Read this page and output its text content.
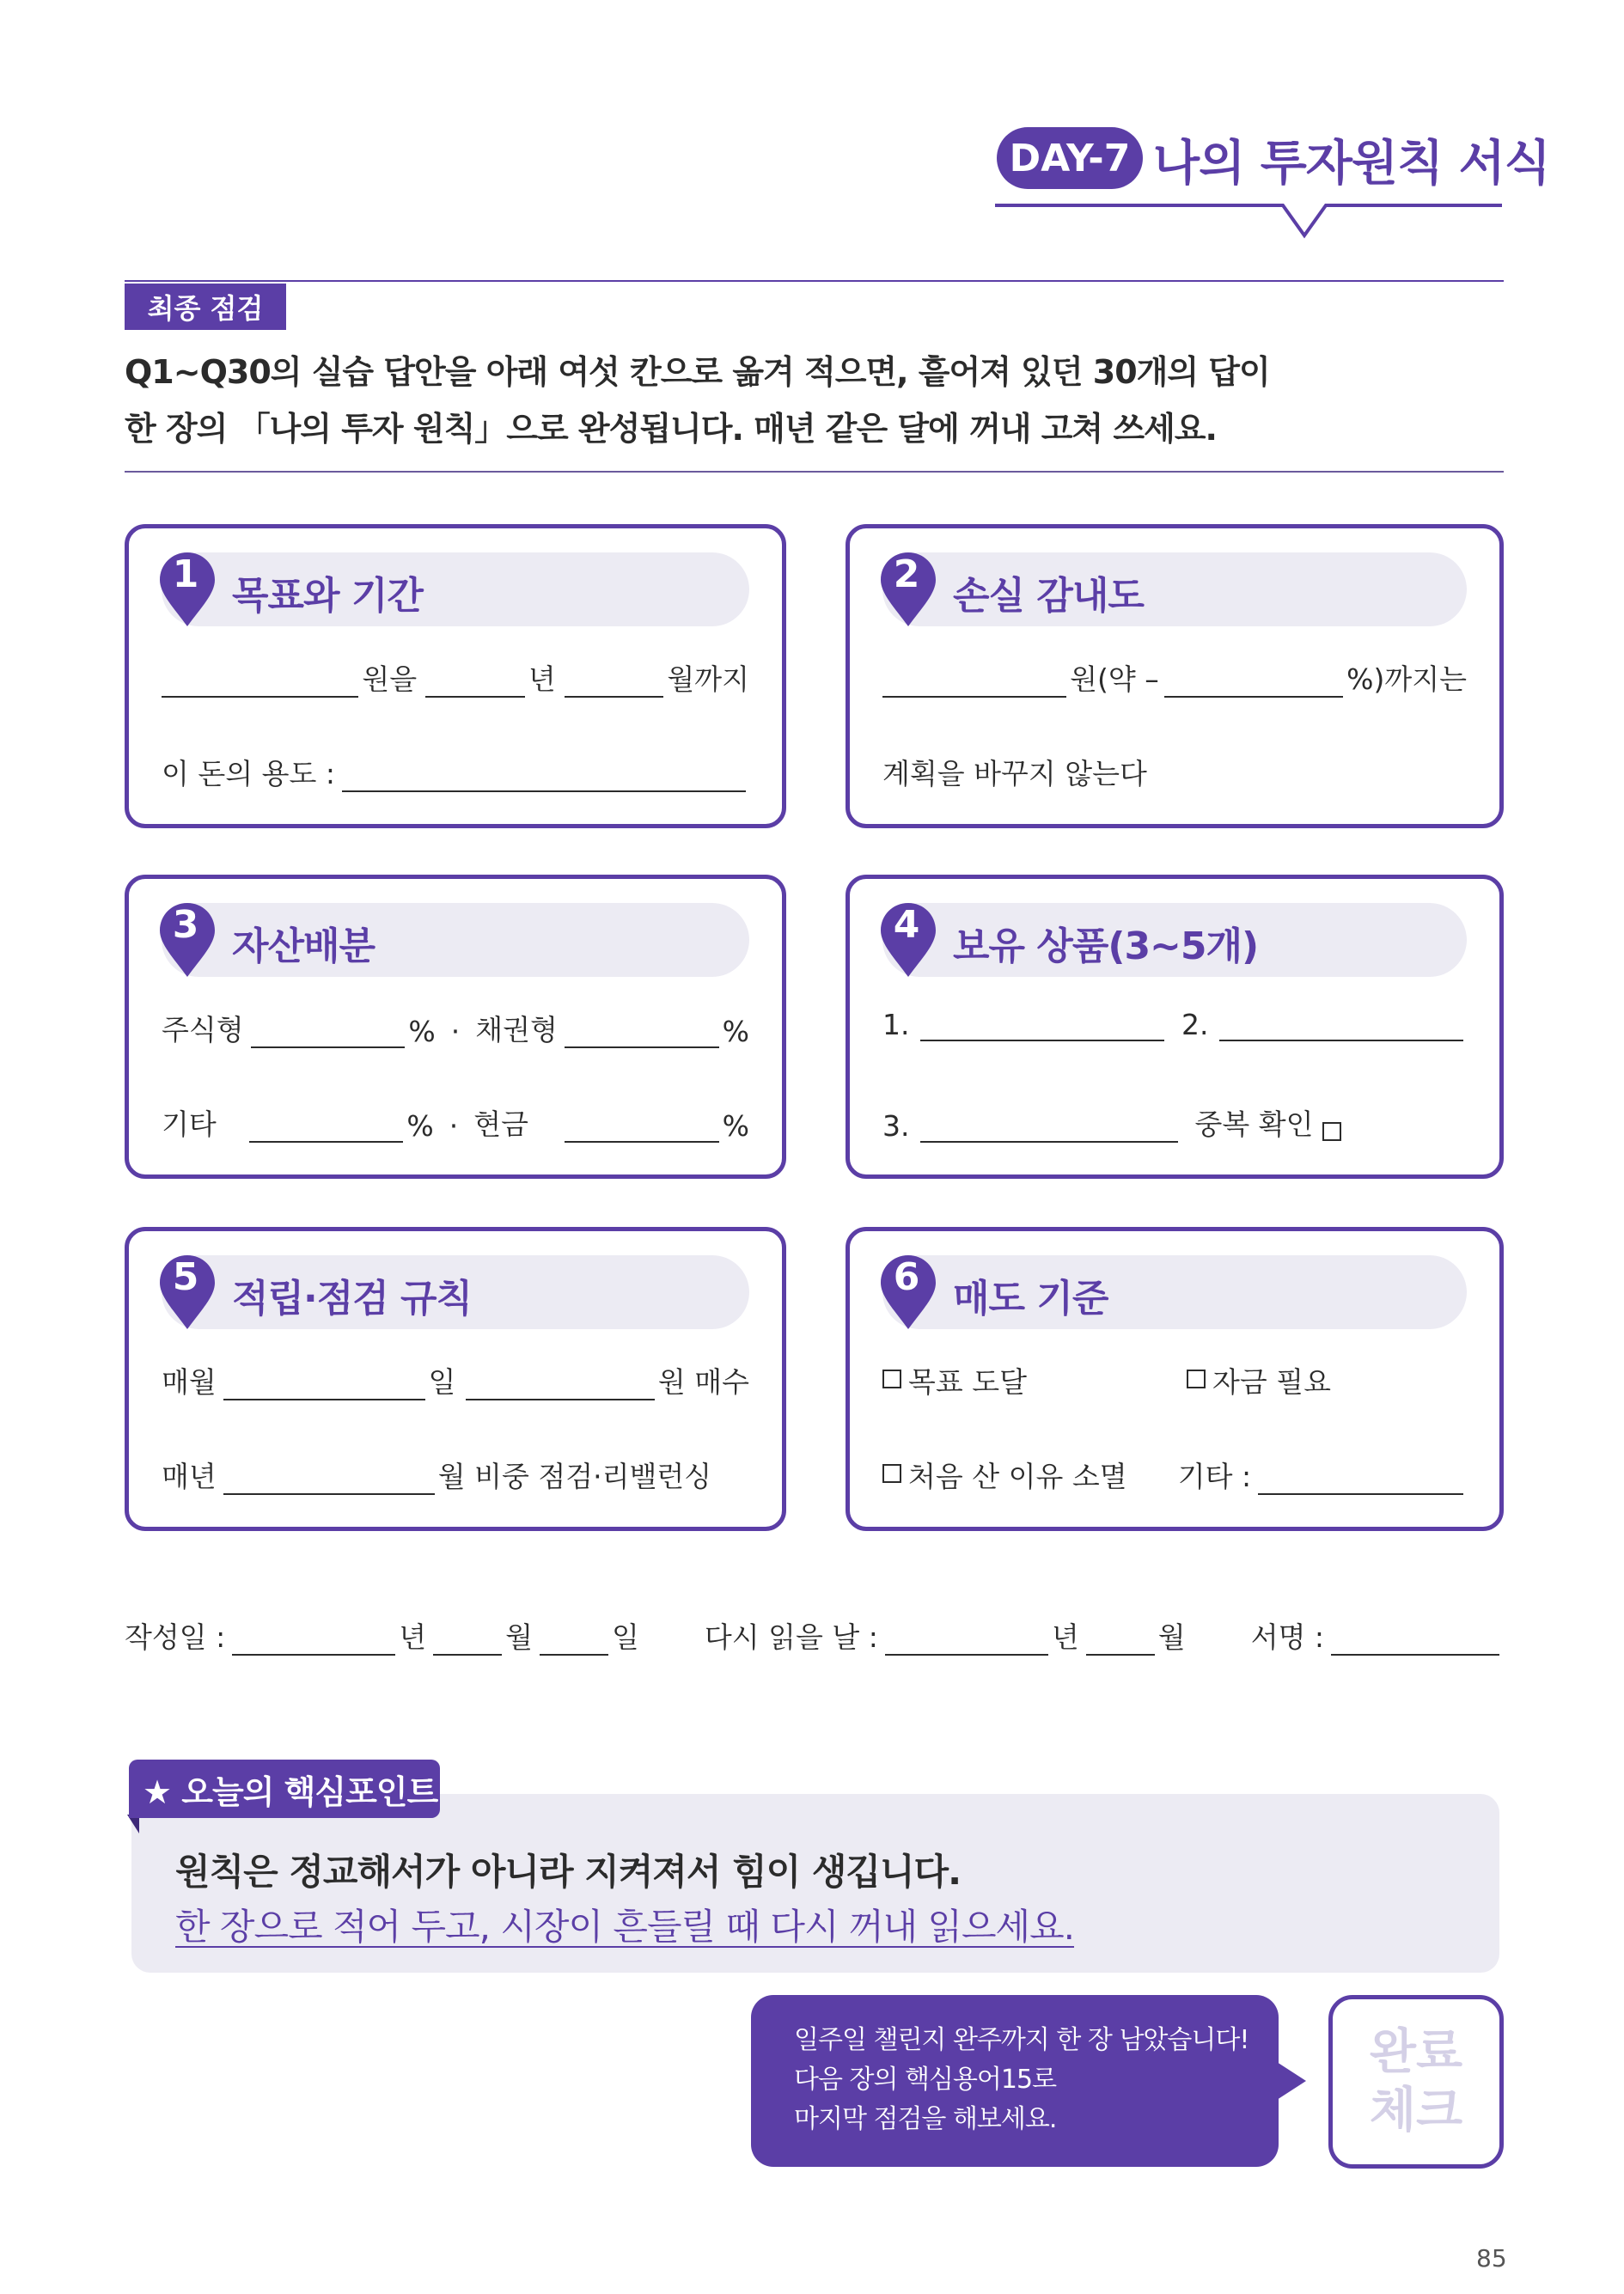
DAY-7 나의 투자원칙 서식
최종 점검
Q1~Q30의 실습 답안을 아래 여섯 칸으로 옮겨 적으면, 흩어져 있던 30개의 답이
한 장의 「나의 투자 원칙」으로 완성됩니다. 매년 같은 달에 꺼내 고쳐 쓰세요.
1 목표와 기간
원을	년	월까지
이 돈의 용도 :
2 손실 감내도
원(약 –	%)까지는
계획을 바꾸지 않는다
3 자산배분
주식형	% · 채권형	%
기타	% · 현금	%
4 보유 상품(3~5개)
1.	2.
3.	중복 확인
5 적립·점검 규칙
매월	일	원 매수
매년	월 비중 점검·리밸런싱
6 매도 기준
목표 도달	자금 필요
처음 산 이유 소멸 기타 :
작성일 :	년	월	일 다시 읽을 날 :	년	월 서명 :
★ 오늘의 핵심포인트
원칙은 정교해서가 아니라 지켜져서 힘이 생깁니다.
한 장으로 적어 두고, 시장이 흔들릴 때 다시 꺼내 읽으세요.
일주일 챌린지 완주까지 한 장 남았습니다!
다음 장의 핵심용어15로
마지막 점검을 해보세요.
완료
체크
85
